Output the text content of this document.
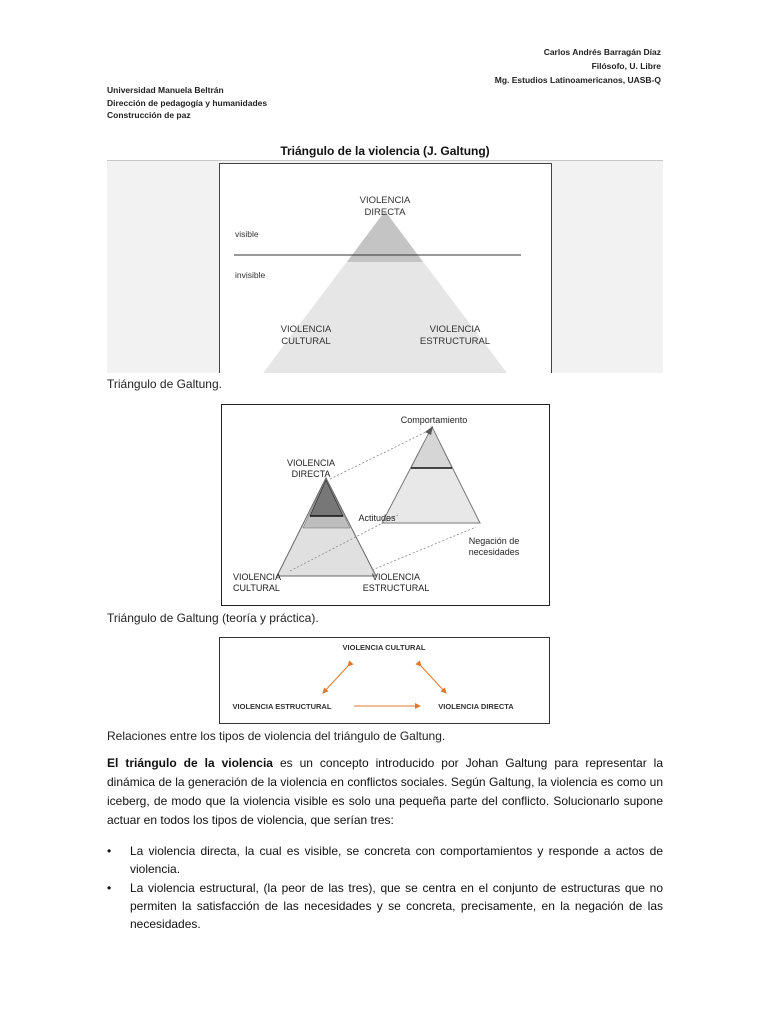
Carlos Andrés Barragán Díaz
Filósofo, U. Libre
Mg. Estudios Latinoamericanos, UASB-Q
Universidad Manuela Beltrán
Dirección de pedagogía y humanidades
Construcción de paz
Triángulo de la violencia (J. Galtung)
VIOLENCIA
DIRECTA
visible
invisible
VIOLENCIA
CULTURAL
VIOLENCIA
ESTRUCTURAL
Triángulo de Galtung.
Comportamiento
VIOLENCIA
DIRECTA
Actitudes
Negación de
necesidades
VIOLENCIA
CULTURAL
VIOLENCIA
ESTRUCTURAL
Triángulo de Galtung (teoría y práctica).
VIOLENCIA CULTURAL
VIOLENCIA ESTRUCTURAL	VIOLENCIA DIRECTA
Relaciones entre los tipos de violencia del triángulo de Galtung.
El triángulo de la violencia es un concepto introducido por Johan Galtung para representar la dinámica de la generación de la violencia en conflictos sociales. Según Galtung, la violencia es como un iceberg, de modo que la violencia visible es solo una pequeña parte del conflicto. Solucionarlo supone actuar en todos los tipos de violencia, que serían tres:
• La violencia directa, la cual es visible, se concreta con comportamientos y responde a actos de violencia.
• La violencia estructural, (la peor de las tres), que se centra en el conjunto de estructuras que no permiten la satisfacción de las necesidades y se concreta, precisamente, en la negación de las necesidades.
